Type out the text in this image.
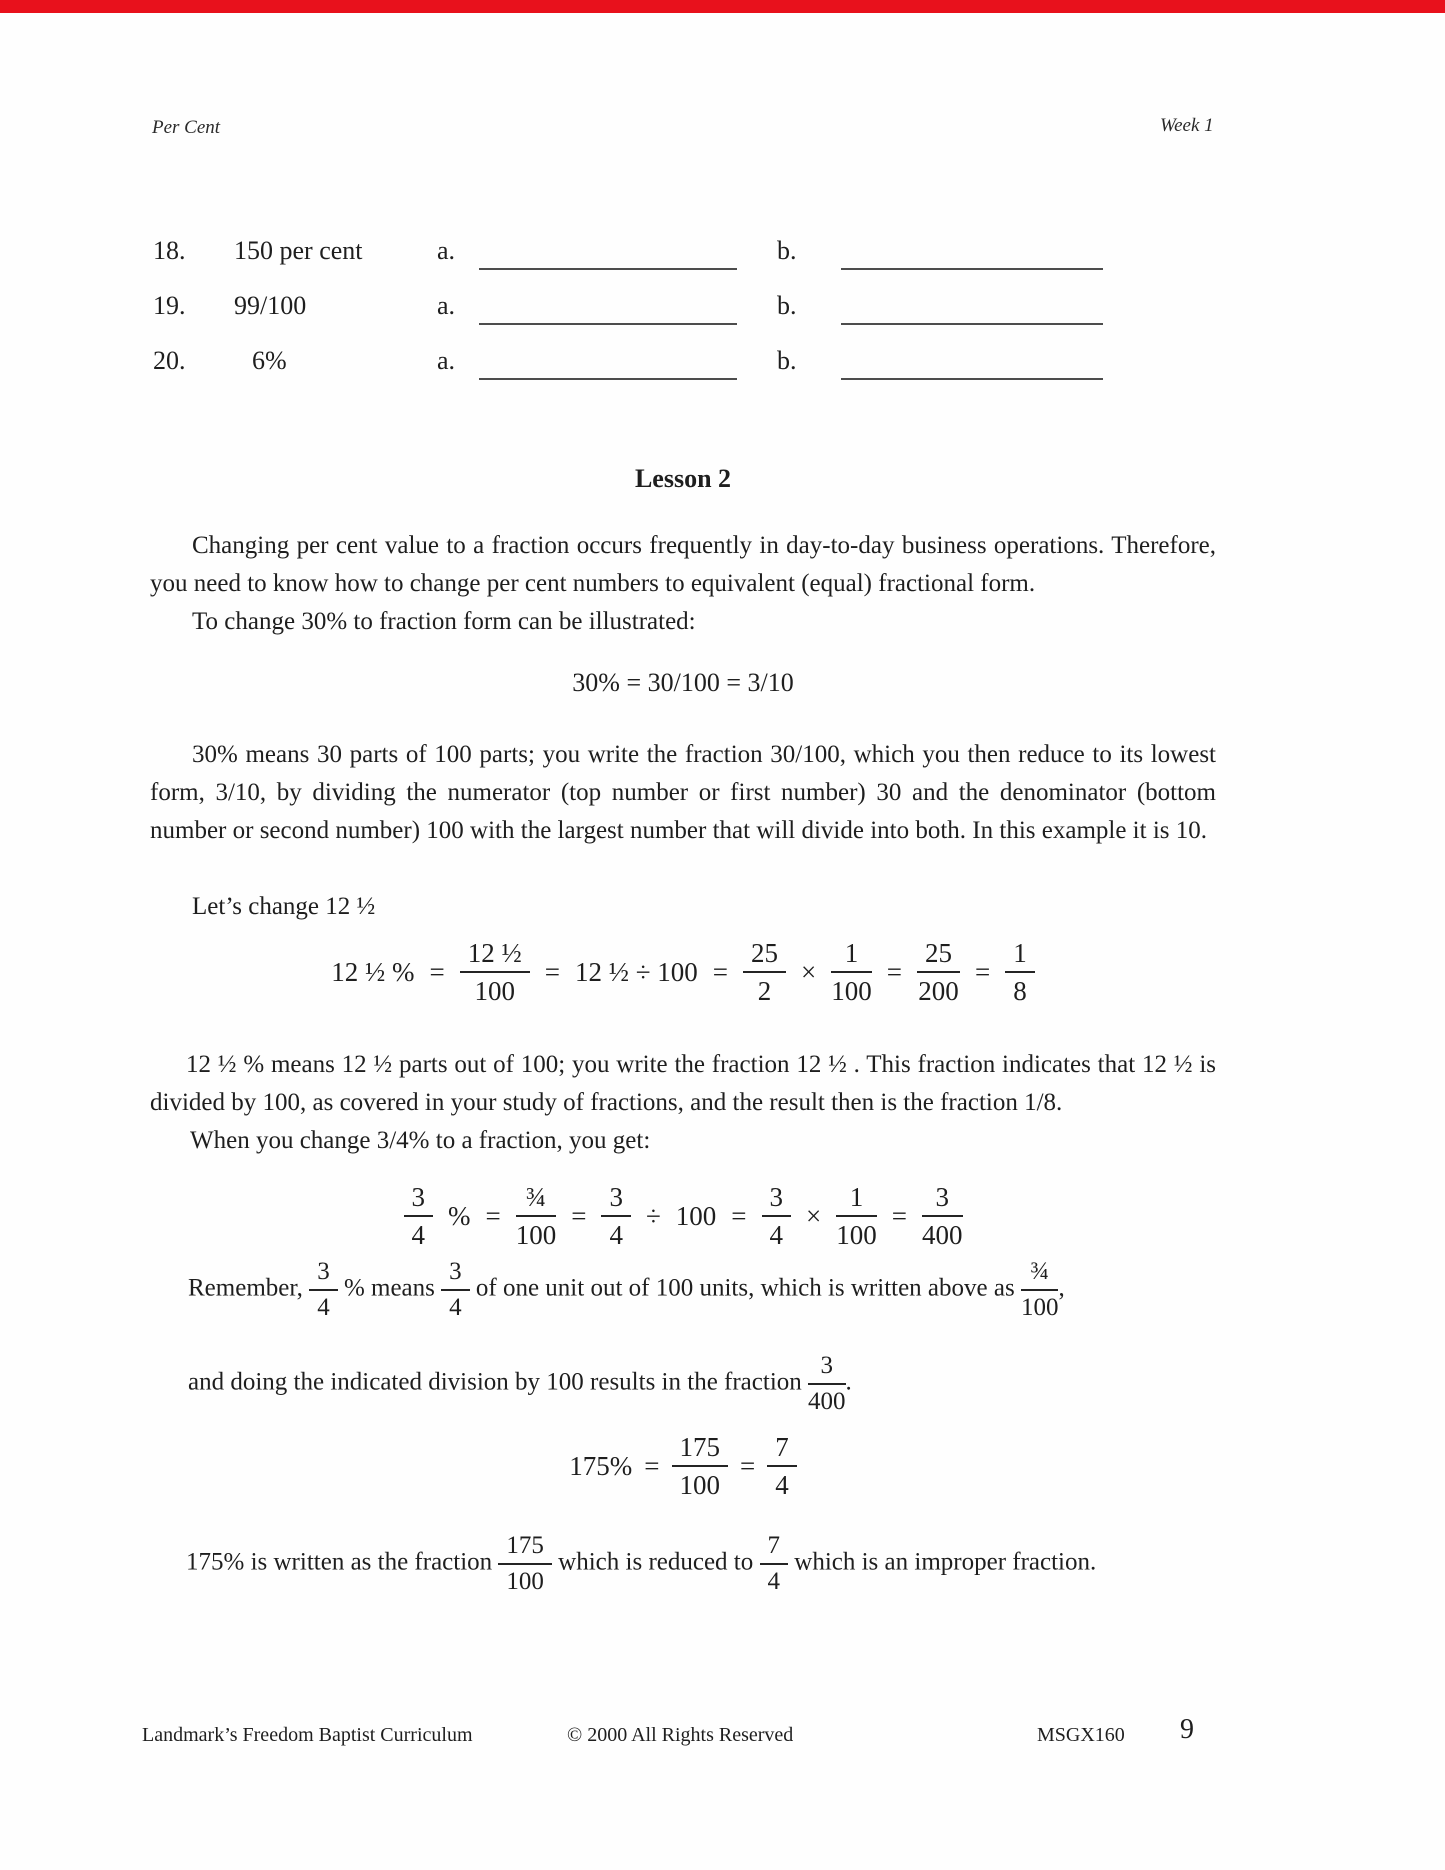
Per Cent	Week 1
18. 150 per cent	a.	b.
19. 99/100	a.	b.
20.	6%	a.	b.
Lesson 2
Changing per cent value to a fraction occurs frequently in day-to-day business operations. Therefore, you need to know how to change per cent numbers to equivalent (equal) fractional form.
To change 30% to fraction form can be illustrated:
30% = 30/100 = 3/10
30% means 30 parts of 100 parts; you write the fraction 30/100, which you then reduce to its lowest form, 3/10, by dividing the numerator (top number or first number) 30 and the denominator (bottom number or second number) 100 with the largest number that will divide into both. In this example it is 10.
Let’s change 12 ½
12 ½ % = $\frac{\text{12 ½}}{100} = 12$ ½ ÷ $100 = \frac{25}{2} \times \frac{1}{100} = \frac{25}{200} = \frac{1}{8}$
12 ½ % means 12 ½ parts out of 100; you write the fraction 12 ½ . This fraction indicates that 12 ½ is divided by 100, as covered in your study of fractions, and the result then is the fraction 1/8.
When you change 3/4% to a fraction, you get:
$\frac{3}{4}$ % = $\frac{\text{¾}}{100} = \frac{3}{4} \div 100 = \frac{3}{4} \times \frac{1}{100} = \frac{3}{400}$
Remember, $\frac{3}{4}$ % means $\frac{3}{4}$ of one unit out of 100 units, which is written above as $\frac{\text{¾}}{100}$ ,
and doing the indicated division by 100 results in the fraction $\frac{3}{400}$ .
$175\% = \frac{175}{100} = \frac{7}{4}$
175% is written as the fraction $\frac{175}{100}$ which is reduced to $\frac{7}{4}$ which is an improper fraction.
Landmark’s Freedom Baptist Curriculum	© 2000 All Rights Reserved	MSGX160 9
